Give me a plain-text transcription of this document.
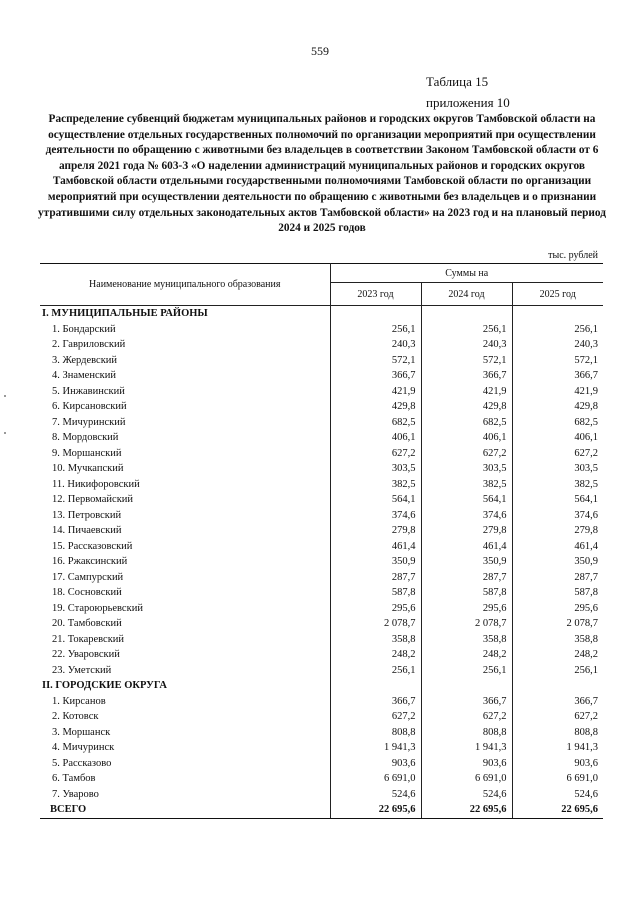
559
Таблица 15
приложения 10
Распределение субвенций бюджетам муниципальных районов и городских округов Тамбовской области на осуществление отдельных государственных полномочий по организации мероприятий при осуществлении деятельности по обращению с животными без владельцев в соответствии Законом Тамбовской области от 6 апреля 2021 года № 603-З «О наделении администраций муниципальных районов и городских округов Тамбовской области отдельными государственными полномочиями Тамбовской области по организации мероприятий при осуществлении деятельности по обращению с животными без владельцев и о признании утратившими силу отдельных законодательных актов Тамбовской области» на 2023 год и на плановый период 2024 и 2025 годов
тыс. рублей
Наименование муниципального образования	Суммы на		
	2023 год	2024 год	2025 год
I. МУНИЦИПАЛЬНЫЕ РАЙОНЫ			
1. Бондарский	256,1	256,1	256,1
2. Гавриловский	240,3	240,3	240,3
3. Жердевский	572,1	572,1	572,1
4. Знаменский	366,7	366,7	366,7
5. Инжавинский	421,9	421,9	421,9
6. Кирсановский	429,8	429,8	429,8
7. Мичуринский	682,5	682,5	682,5
8. Мордовский	406,1	406,1	406,1
9. Моршанский	627,2	627,2	627,2
10. Мучкапский	303,5	303,5	303,5
11. Никифоровский	382,5	382,5	382,5
12. Первомайский	564,1	564,1	564,1
13. Петровский	374,6	374,6	374,6
14. Пичаевский	279,8	279,8	279,8
15. Рассказовский	461,4	461,4	461,4
16. Ржаксинский	350,9	350,9	350,9
17. Сампурский	287,7	287,7	287,7
18. Сосновский	587,8	587,8	587,8
19. Староюрьевский	295,6	295,6	295,6
20. Тамбовский	2 078,7	2 078,7	2 078,7
21. Токаревский	358,8	358,8	358,8
22. Уваровский	248,2	248,2	248,2
23. Уметский	256,1	256,1	256,1
II. ГОРОДСКИЕ ОКРУГА			
1. Кирсанов	366,7	366,7	366,7
2. Котовск	627,2	627,2	627,2
3. Моршанск	808,8	808,8	808,8
4. Мичуринск	1 941,3	1 941,3	1 941,3
5. Рассказово	903,6	903,6	903,6
6. Тамбов	6 691,0	6 691,0	6 691,0
7. Уварово	524,6	524,6	524,6
ВСЕГО	22 695,6	22 695,6	22 695,6
